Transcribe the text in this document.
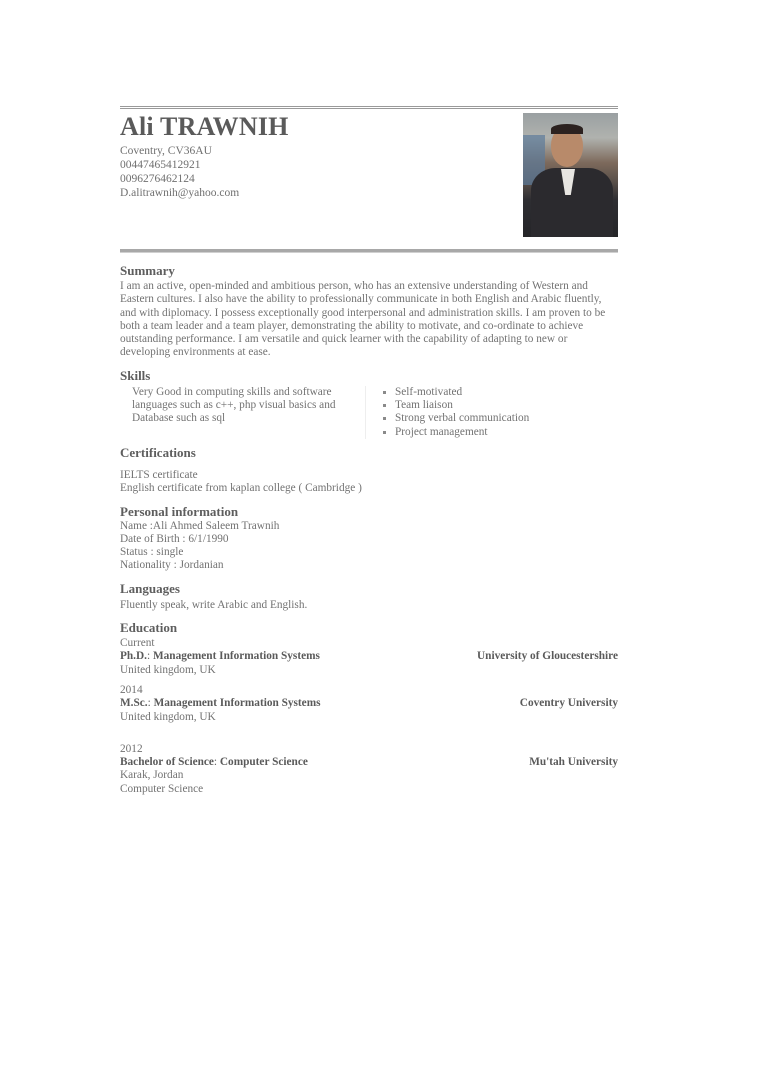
Ali TRAWNIH
Coventry, CV36AU
00447465412921
0096276462124
D.alitrawnih@yahoo.com
Summary
I am an active, open-minded and ambitious person, who has an extensive understanding of Western and Eastern cultures. I also have the ability to professionally communicate in both English and Arabic fluently, and with diplomacy. I possess exceptionally good interpersonal and administration skills. I am proven to be both a team leader and a team player, demonstrating the ability to motivate, and co-ordinate to achieve outstanding performance. I am versatile and quick learner with the capability of adapting to new or developing environments at ease.
Skills
Very Good in computing skills and software languages such as c++, php visual basics and Database such as sql
Self-motivated
Team liaison
Strong verbal communication
Project management
Certifications
IELTS certificate
English certificate from kaplan college ( Cambridge )
Personal information
Name :Ali Ahmed Saleem Trawnih
Date of Birth : 6/1/1990
Status : single
Nationality : Jordanian
Languages
Fluently speak, write Arabic and English.
Education
Current
Ph.D.: Management Information Systems	University of Gloucestershire
United kingdom, UK
2014
M.Sc.: Management Information Systems	Coventry University
United kingdom, UK
2012
Bachelor of Science: Computer Science	Mu'tah University
Karak, Jordan
Computer Science
